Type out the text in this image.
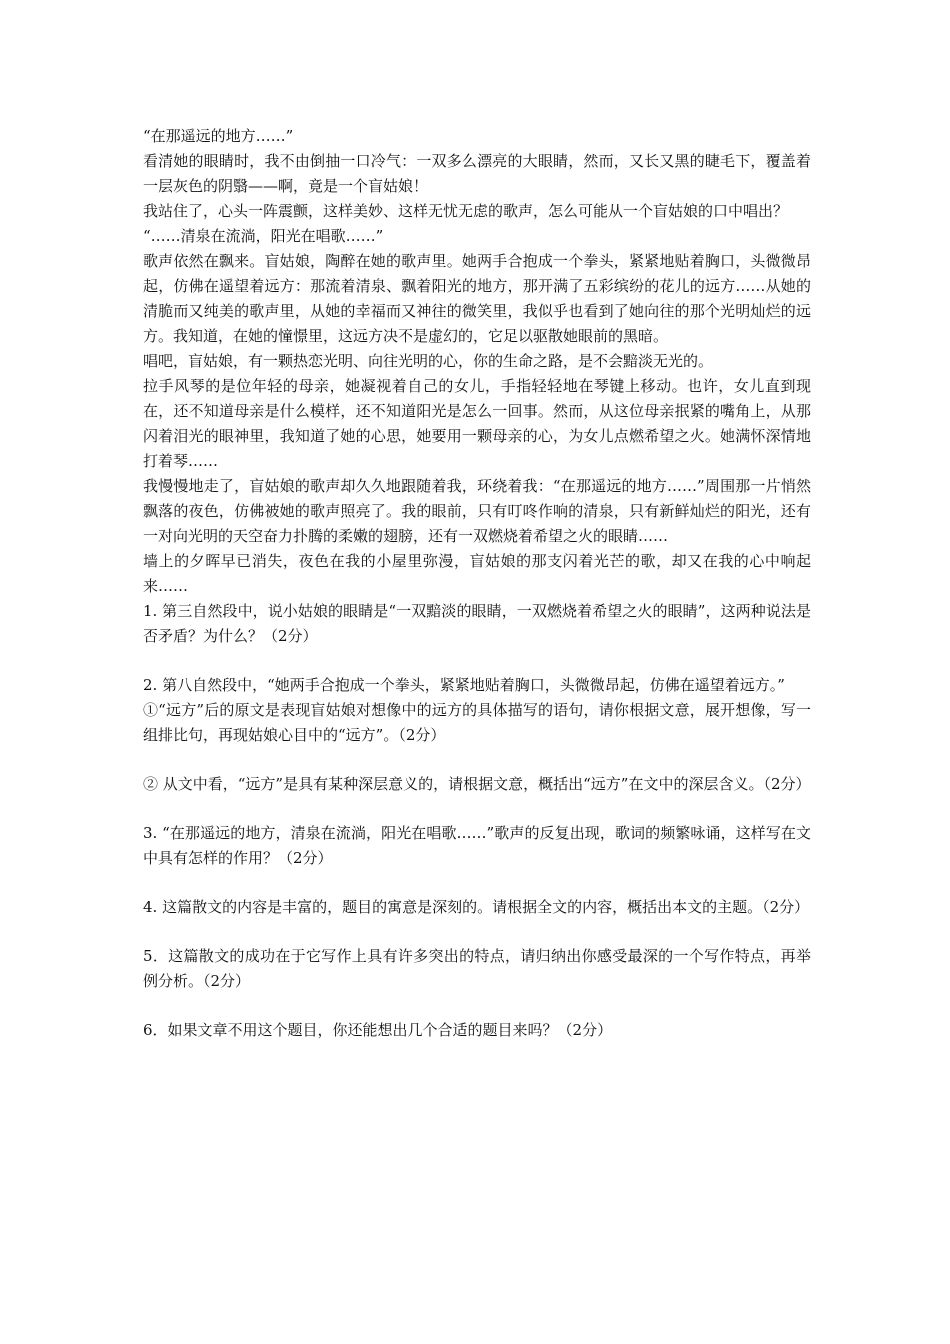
“在那遥远的地方……”

看清她的眼睛时，我不由倒抽一口冷气：一双多么漂亮的大眼睛，然而，又长又黑的睫毛下，覆盖着一层灰色的阴翳——啊，竟是一个盲姑娘！

我站住了，心头一阵震颤，这样美妙、这样无忧无虑的歌声，怎么可能从一个盲姑娘的口中唱出？

“……清泉在流淌，阳光在唱歌……”

歌声依然在飘来。盲姑娘，陶醉在她的歌声里。她两手合抱成一个拳头，紧紧地贴着胸口，头微微昂起，仿佛在遥望着远方：那流着清泉、飘着阳光的地方，那开满了五彩缤纷的花儿的远方……从她的清脆而又纯美的歌声里，从她的幸福而又神往的微笑里，我似乎也看到了她向往的那个光明灿烂的远方。我知道，在她的憧憬里，这远方决不是虚幻的，它足以驱散她眼前的黑暗。

唱吧，盲姑娘，有一颗热恋光明、向往光明的心，你的生命之路，是不会黯淡无光的。

拉手风琴的是位年轻的母亲，她凝视着自己的女儿，手指轻轻地在琴键上移动。也许，女儿直到现在，还不知道母亲是什么模样，还不知道阳光是怎么一回事。然而，从这位母亲抿紧的嘴角上，从那闪着泪光的眼神里，我知道了她的心思，她要用一颗母亲的心，为女儿点燃希望之火。她满怀深情地打着琴……

我慢慢地走了，盲姑娘的歌声却久久地跟随着我，环绕着我：“在那遥远的地方……”周围那一片悄然飘落的夜色，仿佛被她的歌声照亮了。我的眼前，只有叮咚作响的清泉，只有新鲜灿烂的阳光，还有一对向光明的天空奋力扑腾的柔嫩的翅膀，还有一双燃烧着希望之火的眼睛……

墙上的夕晖早已消失，夜色在我的小屋里弥漫，盲姑娘的那支闪着光芒的歌，却又在我的心中响起来……

1. 第三自然段中，说小姑娘的眼睛是“一双黯淡的眼睛，一双燃烧着希望之火的眼睛”，这两种说法是否矛盾？为什么？（2分）

2. 第八自然段中，“她两手合抱成一个拳头，紧紧地贴着胸口，头微微昂起，仿佛在遥望着远方。”

①“远方”后的原文是表现盲姑娘对想像中的远方的具体描写的语句，请你根据文意，展开想像，写一组排比句，再现姑娘心目中的“远方”。（2分）

② 从文中看，“远方”是具有某种深层意义的，请根据文意，概括出“远方”在文中的深层含义。（2分）

3. “在那遥远的地方，清泉在流淌，阳光在唱歌……”歌声的反复出现，歌词的频繁咏诵，这样写在文中具有怎样的作用？（2分）

4. 这篇散文的内容是丰富的，题目的寓意是深刻的。请根据全文的内容，概括出本文的主题。（2分）

5．这篇散文的成功在于它写作上具有许多突出的特点，请归纳出你感受最深的一个写作特点，再举例分析。（2分）

6．如果文章不用这个题目，你还能想出几个合适的题目来吗？（2分）
